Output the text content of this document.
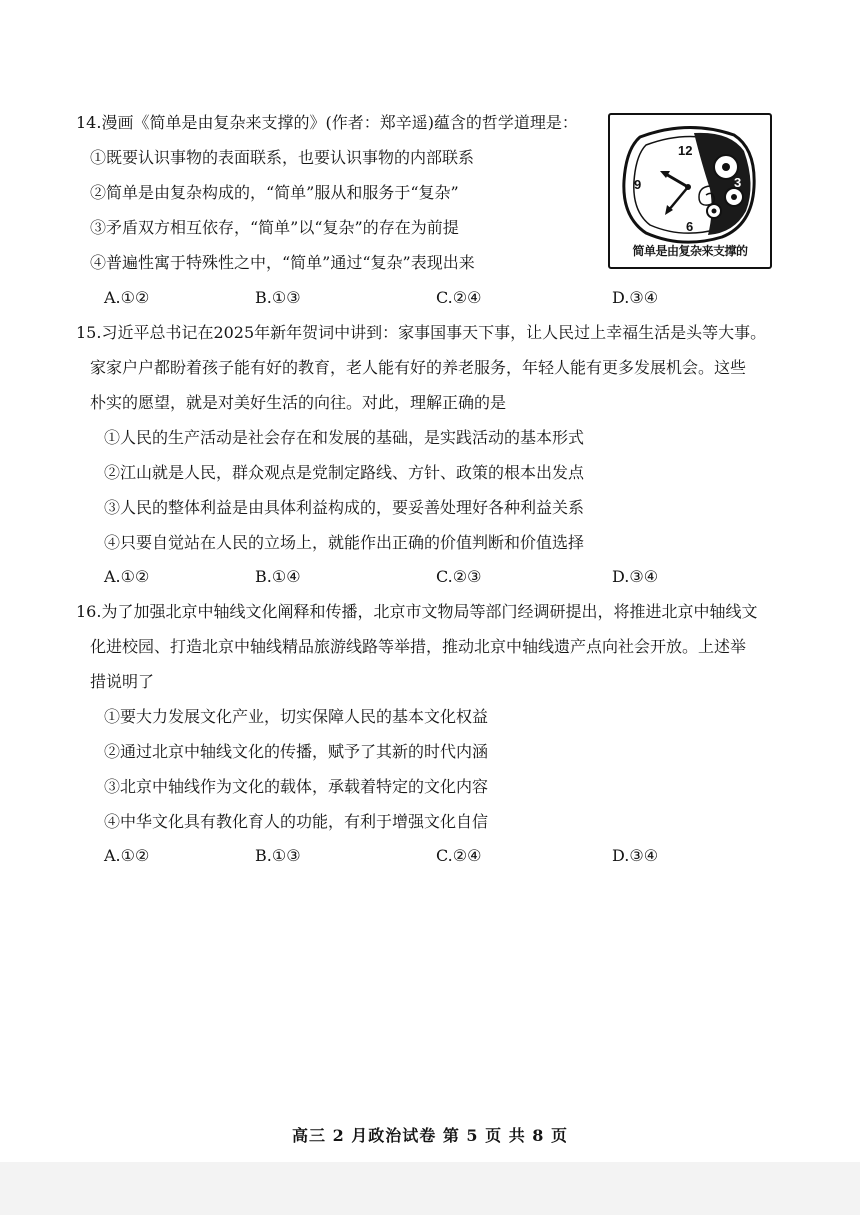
14.漫画《简单是由复杂来支撑的》(作者：郑辛遥)蕴含的哲学道理是：
①既要认识事物的表面联系，也要认识事物的内部联系
②简单是由复杂构成的，“简单”服从和服务于“复杂”
③矛盾双方相互依存，“简单”以“复杂”的存在为前提
④普遍性寓于特殊性之中，“简单”通过“复杂”表现出来
A.①②	B.①③	C.②④	D.③④
12
3
6
9
简单是由复杂来支撑的
15.习近平总书记在2025年新年贺词中讲到：家事国事天下事，让人民过上幸福生活是头等大事。
家家户户都盼着孩子能有好的教育，老人能有好的养老服务，年轻人能有更多发展机会。这些
朴实的愿望，就是对美好生活的向往。对此，理解正确的是
①人民的生产活动是社会存在和发展的基础，是实践活动的基本形式
②江山就是人民，群众观点是党制定路线、方针、政策的根本出发点
③人民的整体利益是由具体利益构成的，要妥善处理好各种利益关系
④只要自觉站在人民的立场上，就能作出正确的价值判断和价值选择
A.①②	B.①④	C.②③	D.③④
16.为了加强北京中轴线文化阐释和传播，北京市文物局等部门经调研提出，将推进北京中轴线文
化进校园、打造北京中轴线精品旅游线路等举措，推动北京中轴线遗产点向社会开放。上述举
措说明了
①要大力发展文化产业，切实保障人民的基本文化权益
②通过北京中轴线文化的传播，赋予了其新的时代内涵
③北京中轴线作为文化的载体，承载着特定的文化内容
④中华文化具有教化育人的功能，有利于增强文化自信
A.①②	B.①③	C.②④	D.③④
高三 2 月政治试卷 第 5 页 共 8 页
